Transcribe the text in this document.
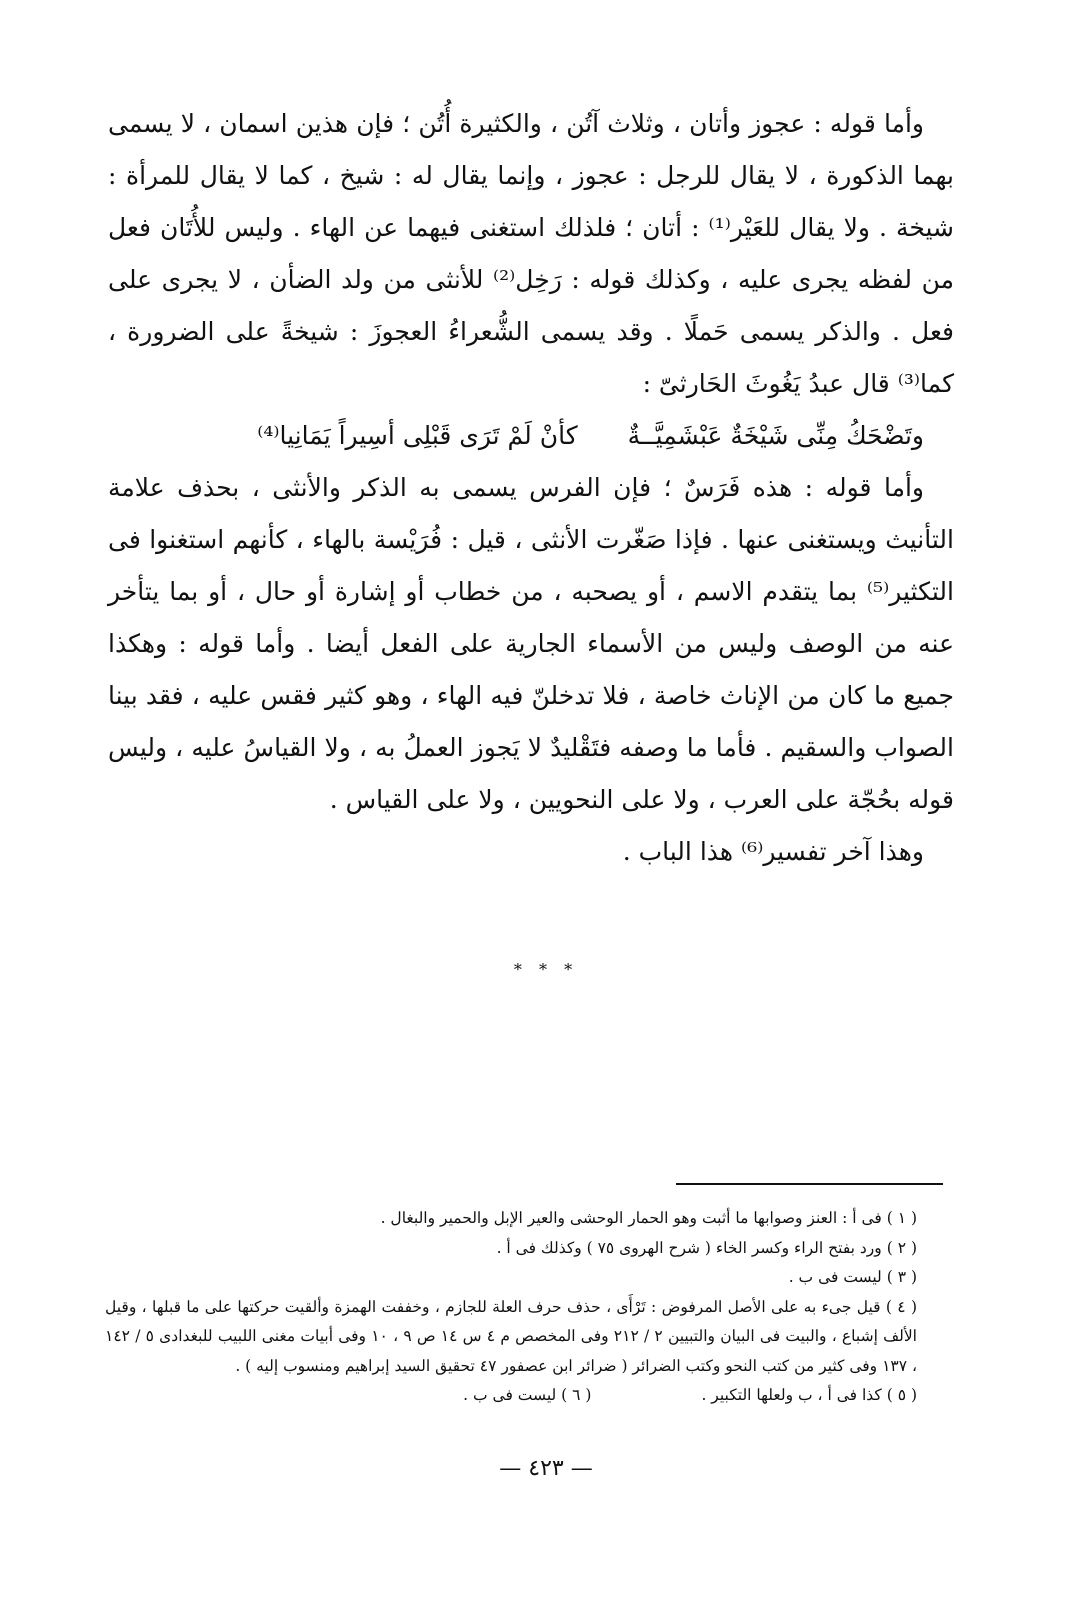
وأما قوله : عجوز وأتان ، وثلاث آتُن ، والكثيرة أُتُن ؛ فإن هذين اسمان ، لا يسمى بهما الذكورة ، لا يقال للرجل : عجوز ، وإنما يقال له : شيخ ، كما لا يقال للمرأة : شيخة . ولا يقال للعَيْر⁽¹⁾ : أتان ؛ فلذلك استغنى فيهما عن الهاء . وليس للأُتَان فعل من لفظه يجرى عليه ، وكذلك قوله : رَخِل⁽²⁾ للأنثى من ولد الضأن ، لا يجرى على فعل . والذكر يسمى حَملًا . وقد يسمى الشُّعراءُ العجوزَ : شيخةً على الضرورة ، كما⁽³⁾ قال عبدُ يَغُوثَ الحَارثىّ :
وتَضْحَكُ مِنِّى شَيْخَةٌ عَبْشَمِيَّــةٌ
كأنْ لَمْ تَرَى قَبْلِى أسِيراً يَمَانِيا⁽⁴⁾
وأما قوله : هذه فَرَسٌ ؛ فإن الفرس يسمى به الذكر والأنثى ، بحذف علامة التأنيث ويستغنى عنها . فإذا صَغّرت الأنثى ، قيل : فُرَيْسة بالهاء ، كأنهم استغنوا فى التكثير⁽⁵⁾ بما يتقدم الاسم ، أو يصحبه ، من خطاب أو إشارة أو حال ، أو بما يتأخر عنه من الوصف وليس من الأسماء الجارية على الفعل أيضا . وأما قوله : وهكذا جميع ما كان من الإناث خاصة ، فلا تدخلنّ فيه الهاء ، وهو كثير فقس عليه ، فقد بينا الصواب والسقيم . فأما ما وصفه فتَقْليدٌ لا يَجوز العملُ به ، ولا القياسُ عليه ، وليس قوله بحُجّة على العرب ، ولا على النحويين ، ولا على القياس .
وهذا آخر تفسير⁽⁶⁾ هذا الباب .
* * *
( ١ ) فى أ : العنز وصوابها ما أثبت وهو الحمار الوحشى والعير الإبل والحمير والبغال .
( ٢ ) ورد بفتح الراء وكسر الخاء ( شرح الهروى ٧٥ ) وكذلك فى أ .
( ٣ ) ليست فى ب .
( ٤ ) قيل جىء به على الأصل المرفوض : تَرْأَى ، حذف حرف العلة للجازم ، وخففت الهمزة وألقيت حركتها على ما قبلها ، وقيل الألف إشباع ، والبيت فى البيان والتبيين ٢ / ٢١٢ وفى المخصص م ٤ س ١٤ ص ٩ ، ١٠ وفى أبيات مغنى اللبيب للبغدادى ٥ / ١٤٢ ، ١٣٧ وفى كثير من كتب النحو وكتب الضرائر ( ضرائر ابن عصفور ٤٧ تحقيق السيد إبراهيم ومنسوب إليه ) .
( ٥ ) كذا فى أ ، ب ولعلها التكبير .
( ٦ ) ليست فى ب .
— ٤٢٣ —
